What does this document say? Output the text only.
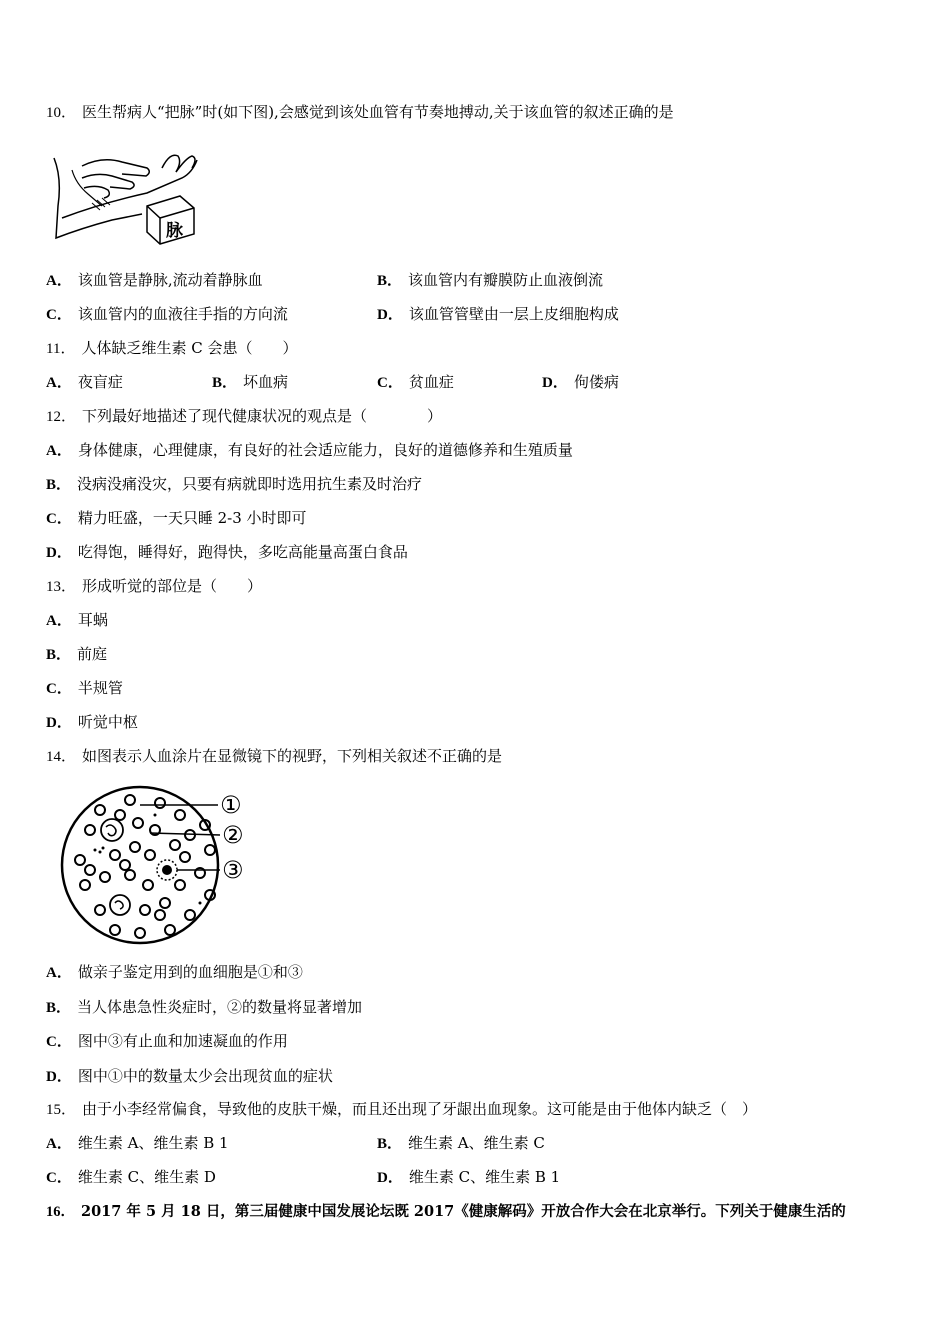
10． 医生帮病人“把脉”时(如下图),会感觉到该处血管有节奏地搏动,关于该血管的叙述正确的是
脉
A． 该血管是静脉,流动着静脉血	B． 该血管内有瓣膜防止血液倒流
C． 该血管内的血液往手指的方向流	D． 该血管管壁由一层上皮细胞构成
11． 人体缺乏维生素 C 会患（　　）
A． 夜盲症	B． 坏血病	C． 贫血症	D． 佝偻病
12． 下列最好地描述了现代健康状况的观点是（　　　　）
A． 身体健康，心理健康，有良好的社会适应能力，良好的道德修养和生殖质量
B． 没病没痛没灾，只要有病就即时选用抗生素及时治疗
C． 精力旺盛，一天只睡 2-3 小时即可
D． 吃得饱，睡得好，跑得快，多吃高能量高蛋白食品
13． 形成听觉的部位是（　　）
A． 耳蜗
B． 前庭
C． 半规管
D． 听觉中枢
14． 如图表示人血涂片在显微镜下的视野，下列相关叙述不正确的是
①
②
③
A． 做亲子鉴定用到的血细胞是①和③
B． 当人体患急性炎症时，②的数量将显著增加
C． 图中③有止血和加速凝血的作用
D． 图中①中的数量太少会出现贫血的症状
15． 由于小李经常偏食，导致他的皮肤干燥，而且还出现了牙龈出血现象。这可能是由于他体内缺乏（　）
A． 维生素 A、维生素 B 1	B． 维生素 A、维生素 C
C． 维生素 C、维生素 D	D． 维生素 C、维生素 B 1
16． 2017 年 5 月 18 日，第三届健康中国发展论坛既 2017《健康解码》开放合作大会在北京举行。下列关于健康生活的
